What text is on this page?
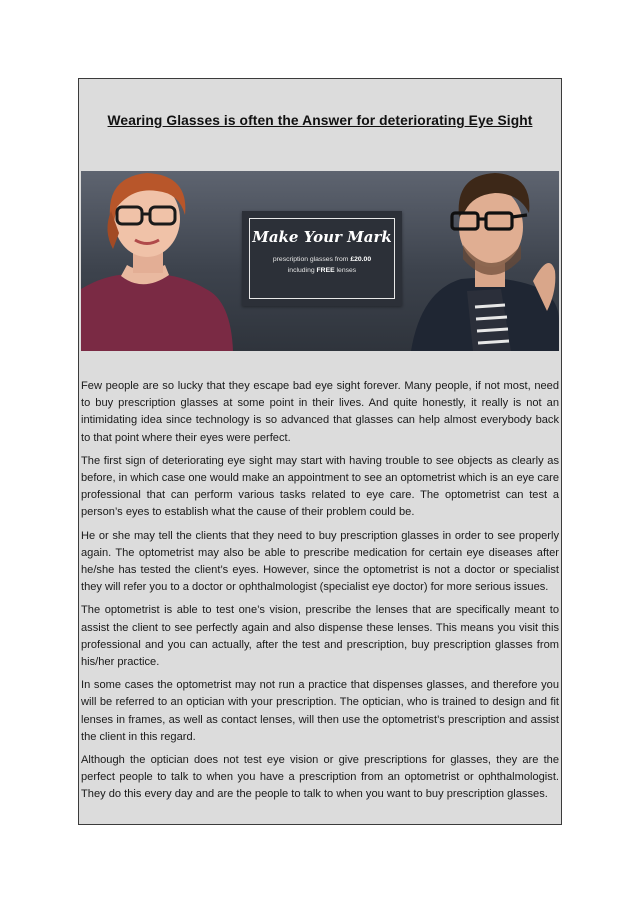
Wearing Glasses is often the Answer for deteriorating Eye Sight
Make Your Mark
prescription glasses from £20.00
including FREE lenses

Few people are so lucky that they escape bad eye sight forever. Many people, if not most, need to buy prescription glasses at some point in their lives. And quite honestly, it really is not an intimidating idea since technology is so advanced that glasses can help almost everybody back to that point where their eyes were perfect.

The first sign of deteriorating eye sight may start with having trouble to see objects as clearly as before, in which case one would make an appointment to see an optometrist which is an eye care professional that can perform various tasks related to eye care. The optometrist can test a person’s eyes to establish what the cause of their problem could be.

He or she may tell the clients that they need to buy prescription glasses in order to see properly again. The optometrist may also be able to prescribe medication for certain eye diseases after he/she has tested the client’s eyes. However, since the optometrist is not a doctor or specialist they will refer you to a doctor or ophthalmologist (specialist eye doctor) for more serious issues.

The optometrist is able to test one’s vision, prescribe the lenses that are specifically meant to assist the client to see perfectly again and also dispense these lenses. This means you visit this professional and you can actually, after the test and prescription, buy prescription glasses from his/her practice.

In some cases the optometrist may not run a practice that dispenses glasses, and therefore you will be referred to an optician with your prescription. The optician, who is trained to design and fit lenses in frames, as well as contact lenses, will then use the optometrist’s prescription and assist the client in this regard.

Although the optician does not test eye vision or give prescriptions for glasses, they are the perfect people to talk to when you have a prescription from an optometrist or ophthalmologist. They do this every day and are the people to talk to when you want to buy prescription glasses.
